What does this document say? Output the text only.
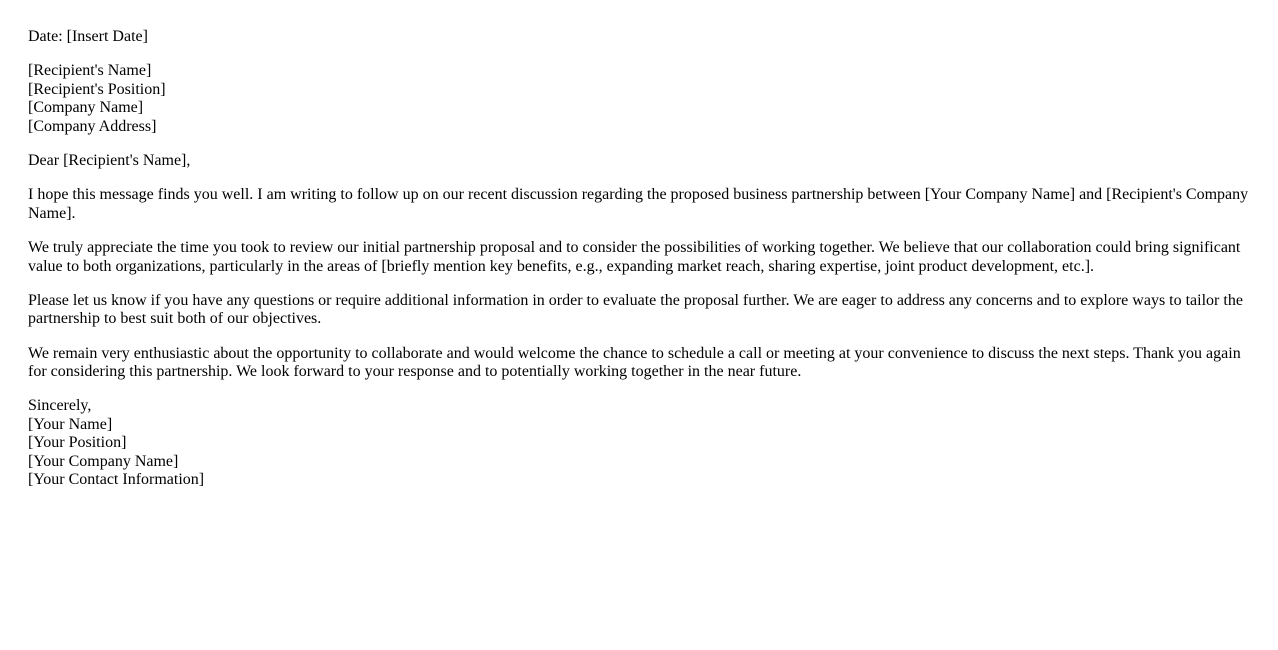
Date: [Insert Date]

[Recipient's Name]
[Recipient's Position]
[Company Name]
[Company Address]

Dear [Recipient's Name],

I hope this message finds you well. I am writing to follow up on our recent discussion regarding the proposed business partnership between [Your Company Name] and [Recipient's Company Name].

We truly appreciate the time you took to review our initial partnership proposal and to consider the possibilities of working together. We believe that our collaboration could bring significant value to both organizations, particularly in the areas of [briefly mention key benefits, e.g., expanding market reach, sharing expertise, joint product development, etc.].

Please let us know if you have any questions or require additional information in order to evaluate the proposal further. We are eager to address any concerns and to explore ways to tailor the partnership to best suit both of our objectives.

We remain very enthusiastic about the opportunity to collaborate and would welcome the chance to schedule a call or meeting at your convenience to discuss the next steps. Thank you again for considering this partnership. We look forward to your response and to potentially working together in the near future.

Sincerely,
[Your Name]
[Your Position]
[Your Company Name]
[Your Contact Information]
